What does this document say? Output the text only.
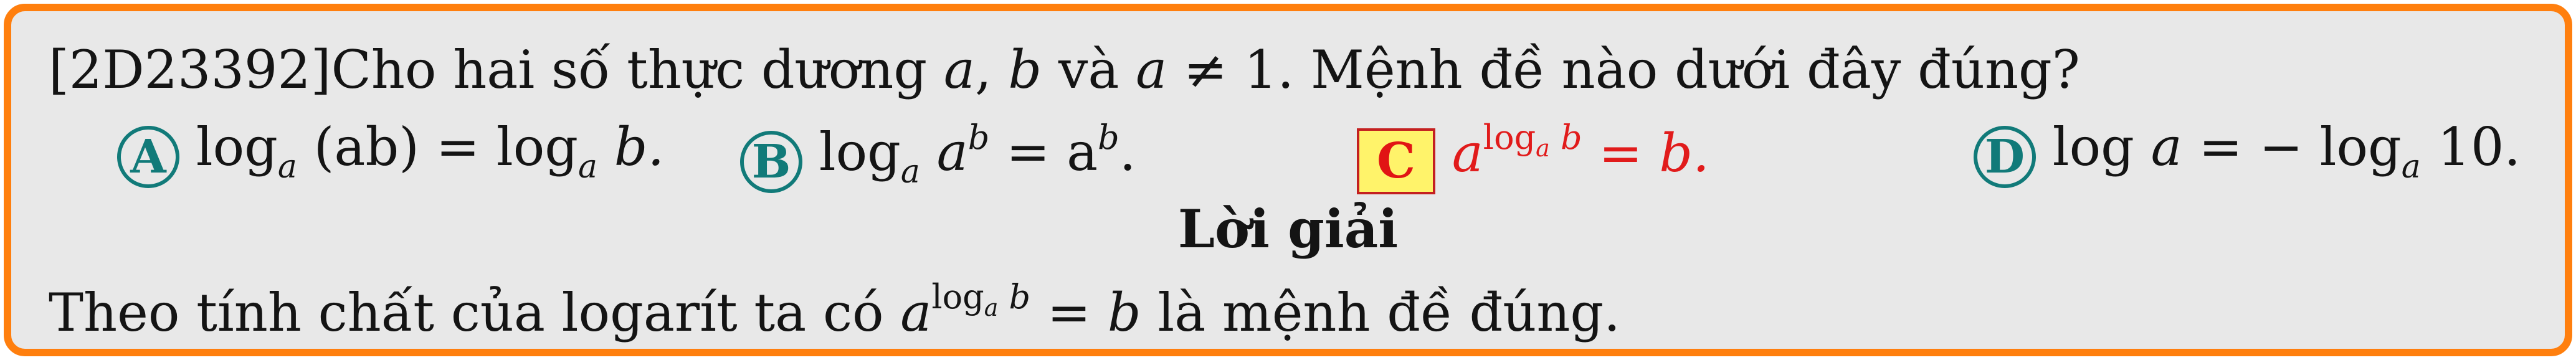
[2D23392]Cho hai số thực dương a, b và a ≠ 1. Mệnh đề nào dưới đây đúng?
A $\log_a (ab) = \log_a b$. B $\log_a a^b = a^b$.	C $a^{log_a b} = b$.	D log a = − $\log_a 10$.
Lời giải
Theo tính chất của logarít ta có $a^{log_a b} = b$ là mệnh đề đúng.
